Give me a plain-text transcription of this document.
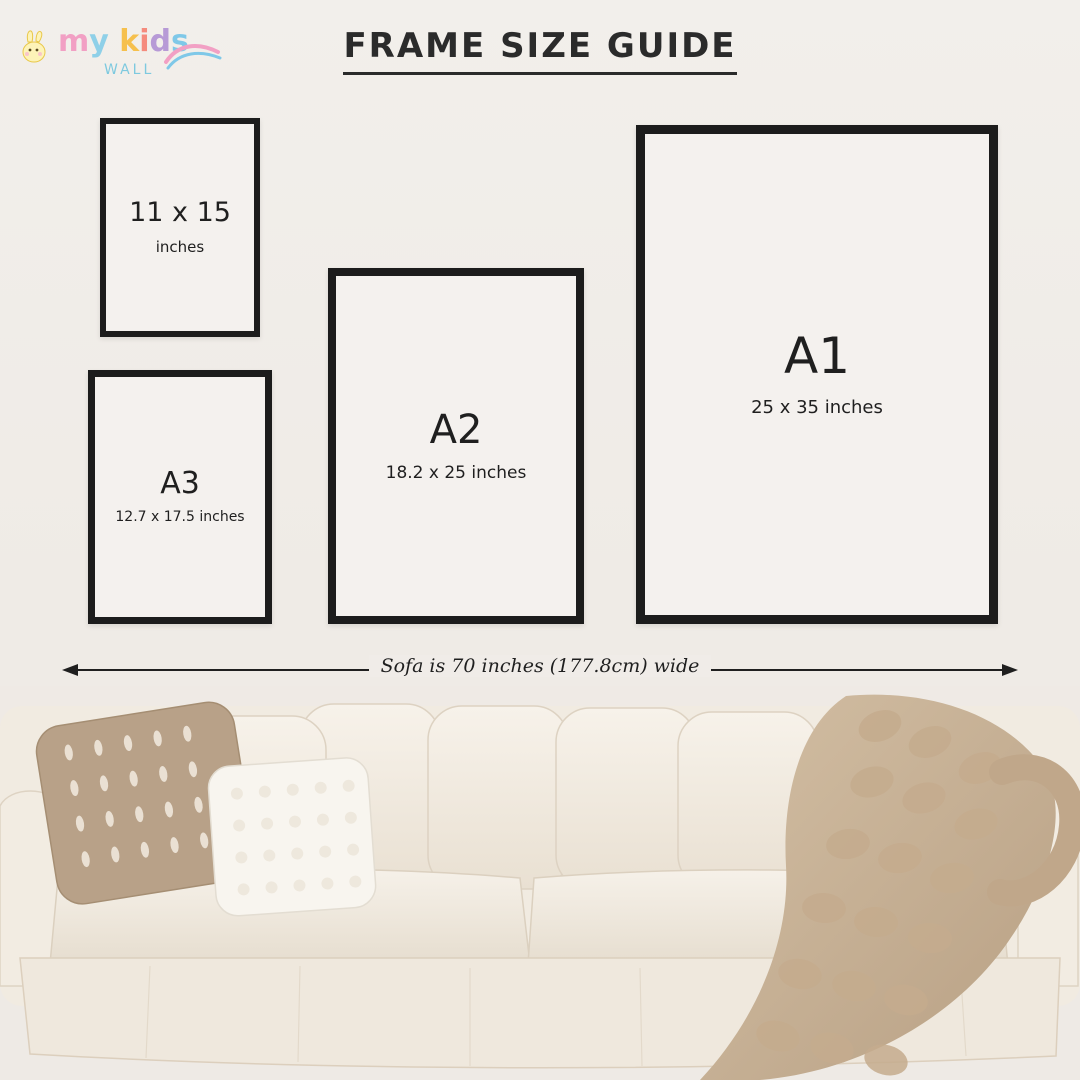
my kids
WALL
FRAME SIZE GUIDE
11 x 15
inches
A3
12.7 x 17.5 inches
A2
18.2 x 25 inches
A1
25 x 35 inches
Sofa is 70 inches (177.8cm) wide
